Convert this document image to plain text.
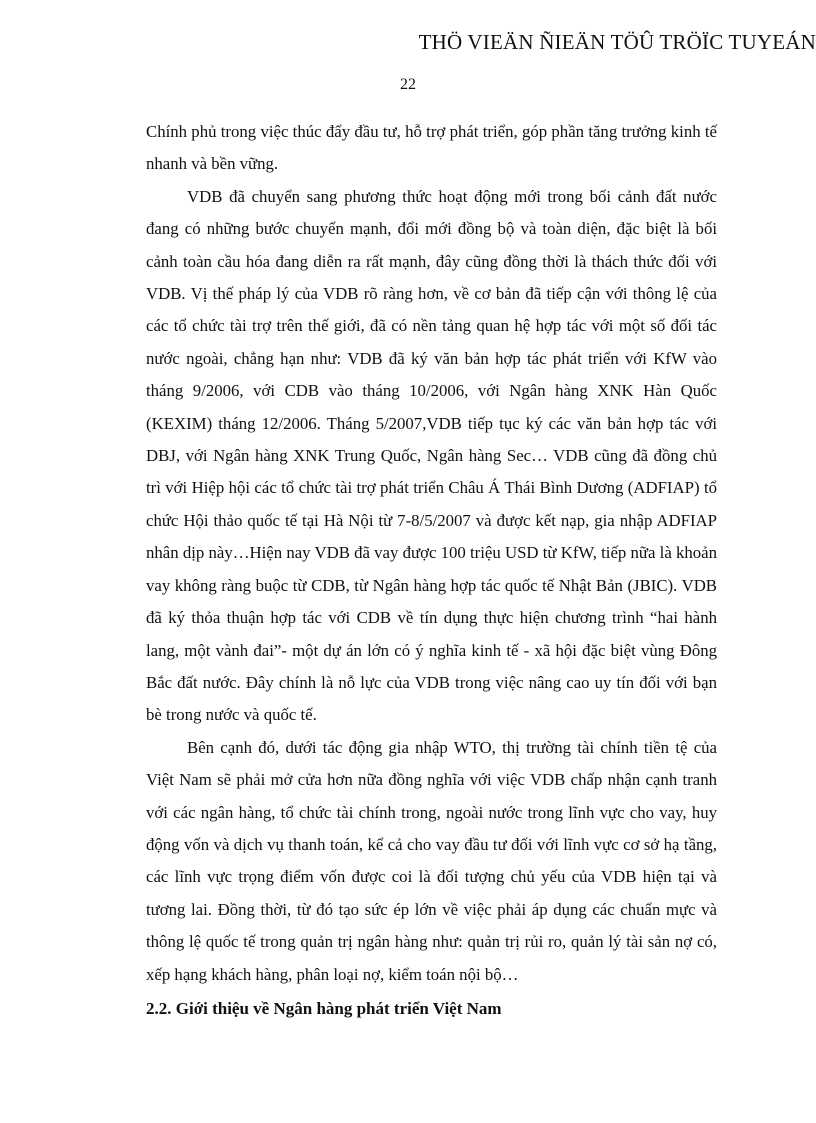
THÖ VIEÄN ÑIEÄN TÖÛ TRÖÏC TUYEÁN
22

Chính phủ trong việc thúc đẩy đầu tư, hỗ trợ phát triển, góp phần tăng trưởng kinh tế nhanh và bền vững.

VDB đã chuyển sang phương thức hoạt động mới trong bối cảnh đất nước đang có những bước chuyển mạnh, đổi mới đồng bộ và toàn diện, đặc biệt là bối cảnh toàn cầu hóa đang diễn ra rất mạnh, đây cũng đồng thời là thách thức đối với VDB. Vị thế pháp lý của VDB rõ ràng hơn, về cơ bản đã tiếp cận với thông lệ của các tổ chức tài trợ trên thế giới, đã có nền tảng quan hệ hợp tác với một số đối tác nước ngoài, chẳng hạn như: VDB đã ký văn bản hợp tác phát triển với KfW vào tháng 9/2006, với CDB vào tháng 10/2006, với Ngân hàng XNK Hàn Quốc (KEXIM) tháng 12/2006. Tháng 5/2007,VDB tiếp tục ký các văn bản hợp tác với DBJ, với Ngân hàng XNK Trung Quốc, Ngân hàng Sec… VDB cũng đã đồng chủ trì với Hiệp hội các tổ chức tài trợ phát triển Châu Á Thái Bình Dương (ADFIAP) tổ chức Hội thảo quốc tế tại Hà Nội từ 7-8/5/2007 và được kết nạp, gia nhập ADFIAP nhân dịp này…Hiện nay VDB đã vay được 100 triệu USD từ KfW, tiếp nữa là khoản vay không ràng buộc từ CDB, từ Ngân hàng hợp tác quốc tế Nhật Bản (JBIC). VDB đã ký thỏa thuận hợp tác với CDB về tín dụng thực hiện chương trình “hai hành lang, một vành đai”- một dự án lớn có ý nghĩa kinh tế - xã hội đặc biệt vùng Đông Bắc đất nước. Đây chính là nỗ lực của VDB trong việc nâng cao uy tín đối với bạn bè trong nước và quốc tế.

Bên cạnh đó, dưới tác động gia nhập WTO, thị trường tài chính tiền tệ của Việt Nam sẽ phải mở cửa hơn nữa đồng nghĩa với việc VDB chấp nhận cạnh tranh với các ngân hàng, tổ chức tài chính trong, ngoài nước trong lĩnh vực cho vay, huy động vốn và dịch vụ thanh toán, kể cả cho vay đầu tư đối với lĩnh vực cơ sở hạ tầng, các lĩnh vực trọng điểm vốn được coi là đối tượng chủ yếu của VDB hiện tại và tương lai. Đồng thời, từ đó tạo sức ép lớn về việc phải áp dụng các chuẩn mực và thông lệ quốc tế trong quản trị ngân hàng như: quản trị rủi ro, quản lý tài sản nợ có, xếp hạng khách hàng, phân loại nợ, kiểm toán nội bộ…

2.2. Giới thiệu về Ngân hàng phát triển Việt Nam
